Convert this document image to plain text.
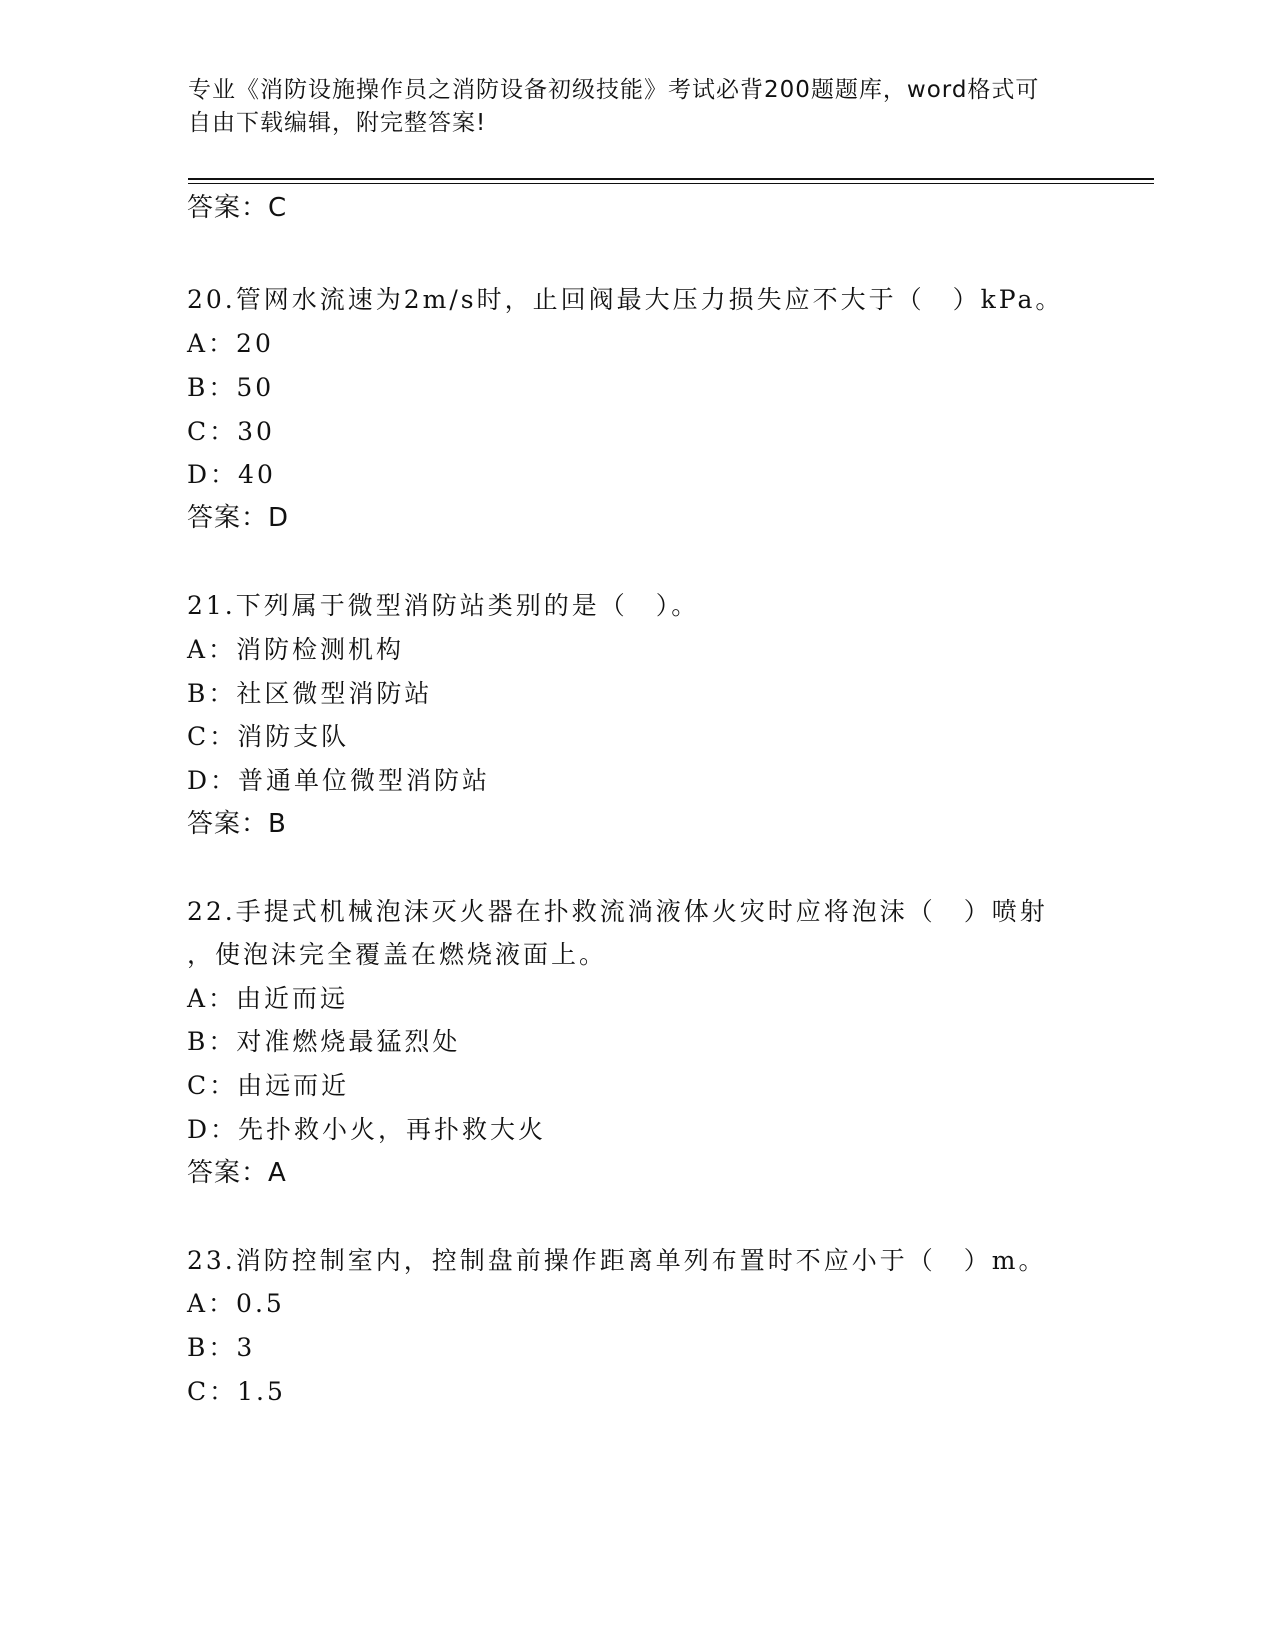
专业《消防设施操作员之消防设备初级技能》考试必背200题题库，word格式可
自由下载编辑，附完整答案!
答案：C
20.管网水流速为2m/s时，止回阀最大压力损失应不大于（　）kPa。
A：20
B：50
C：30
D：40
答案：D
21.下列属于微型消防站类别的是（　）。
A：消防检测机构
B：社区微型消防站
C：消防支队
D：普通单位微型消防站
答案：B
22.手提式机械泡沫灭火器在扑救流淌液体火灾时应将泡沫（　）喷射
，使泡沫完全覆盖在燃烧液面上。
A：由近而远
B：对准燃烧最猛烈处
C：由远而近
D：先扑救小火，再扑救大火
答案：A
23.消防控制室内，控制盘前操作距离单列布置时不应小于（　）m。
A：0.5
B：3
C：1.5
